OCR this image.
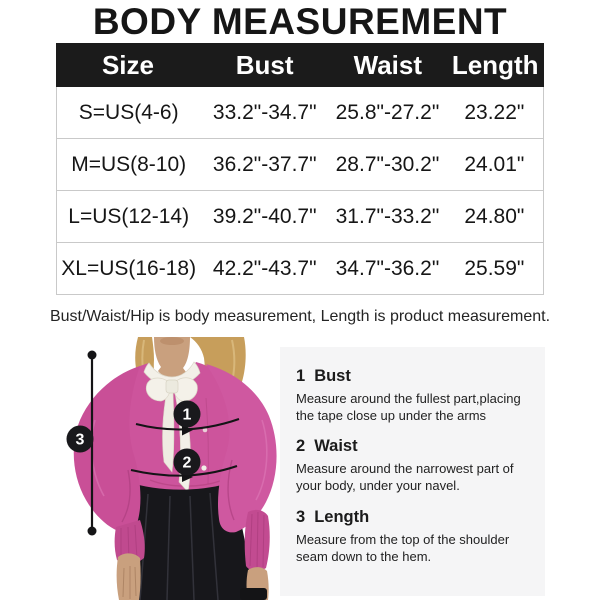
BODY MEASUREMENT
Size	Bust	Waist	Length
S=US(4-6)	33.2"-34.7" 25.8"-27.2"	23.22"
M=US(8-10)	36.2"-37.7" 28.7"-30.2"	24.01"
L=US(12-14)	39.2"-40.7" 31.7"-33.2"	24.80"
XL=US(16-18) 42.2"-43.7" 34.7"-36.2"	25.59"

Bust/Waist/Hip is body measurement, Length is product measurement.

1
2
3
1 Bust

Measure around the fullest part,placing the tape close up under the arms

2 Waist

Measure around the narrowest part of your body, under your navel.

3 Length

Measure from the top of the shoulder seam down to the hem.
